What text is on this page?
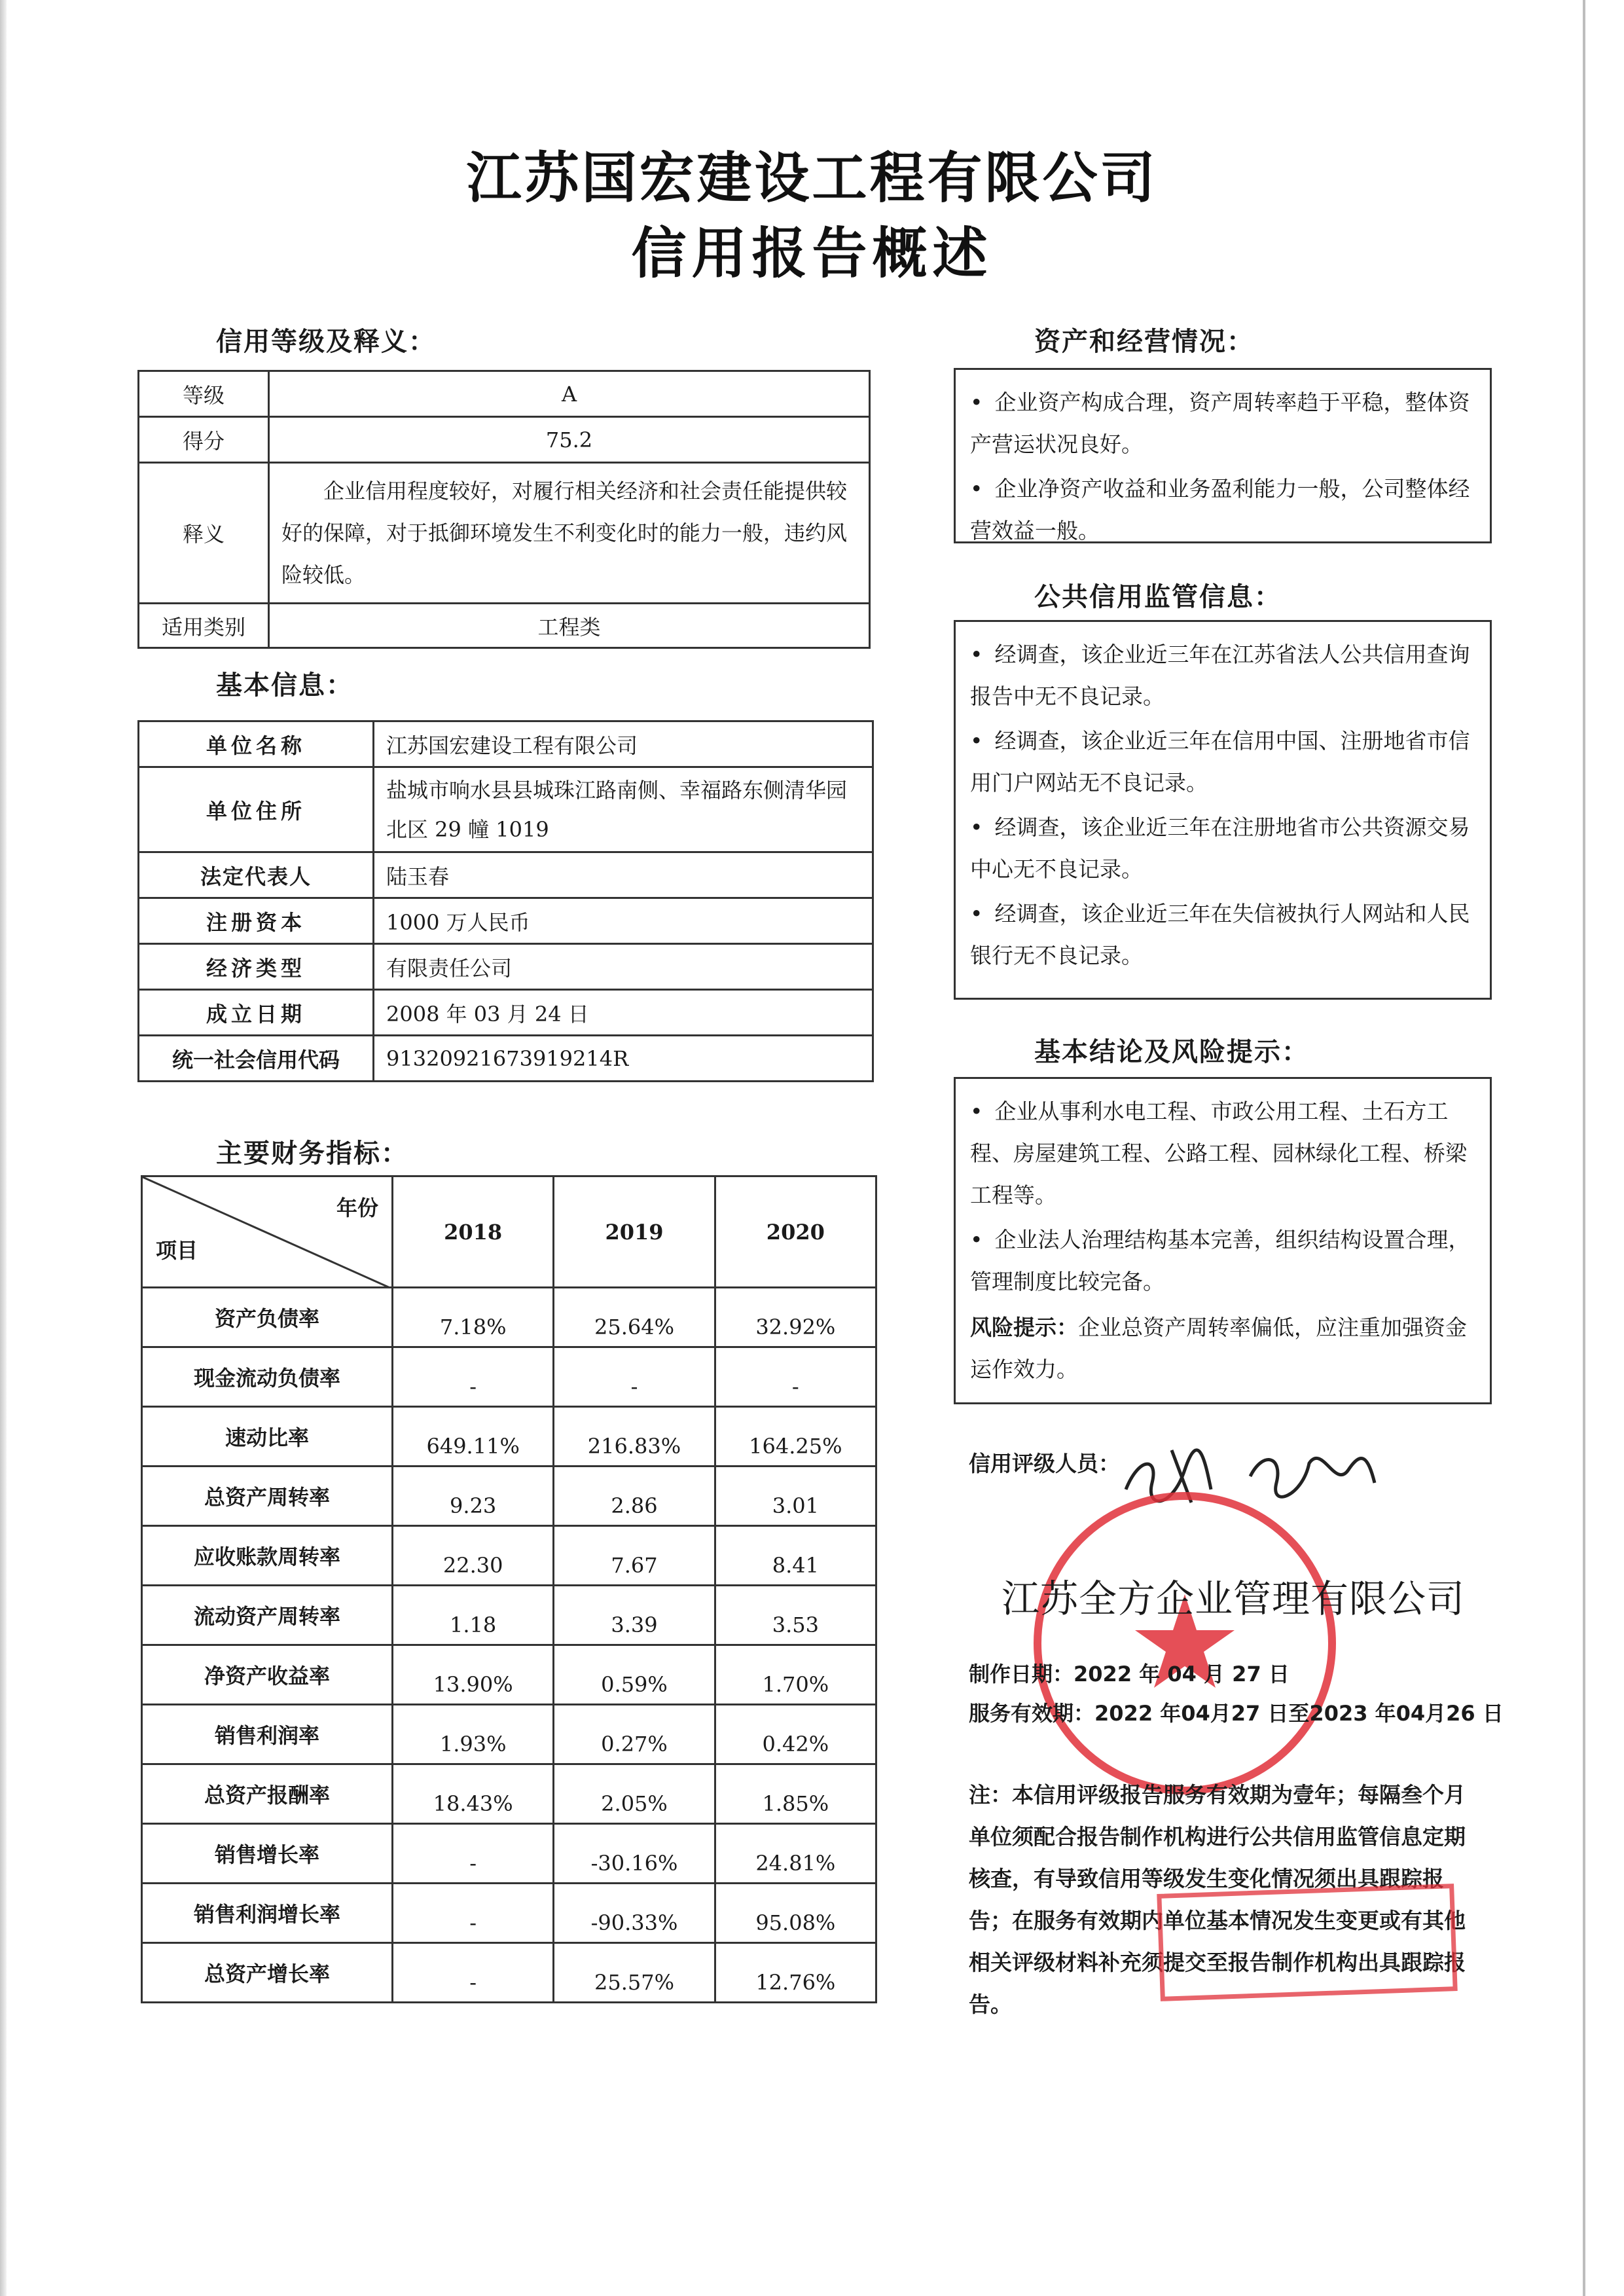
江苏国宏建设工程有限公司
信用报告概述
信用等级及释义：
等级	A
得分	75.2
释义	企业信用程度较好，对履行相关经济和社会责任能提供较好的保障，对于抵御环境发生不利变化时的能力一般，违约风险较低。
适用类别	工程类
基本信息：
单位名称	江苏国宏建设工程有限公司
单位住所	盐城市响水县县城珠江路南侧、幸福路东侧清华园北区 29 幢 1019
法定代表人	陆玉春
注册资本	1000 万人民币
经济类型	有限责任公司
成立日期	2008 年 03 月 24 日
统一社会信用代码	91320921673919214R
主要财务指标：
年份
项目	2018	2019	2020
资产负债率	7.18%	25.64%	32.92%
现金流动负债率	-	-	-
速动比率	649.11%	216.83%	164.25%
总资产周转率	9.23	2.86	3.01
应收账款周转率	22.30	7.67	8.41
流动资产周转率	1.18	3.39	3.53
净资产收益率	13.90%	0.59%	1.70%
销售利润率	1.93%	0.27%	0.42%
总资产报酬率	18.43%	2.05%	1.85%
销售增长率	-	-30.16%	24.81%
销售利润增长率	-	-90.33%	95.08%
总资产增长率	-	25.57%	12.76%
资产和经营情况：
• 企业资产构成合理，资产周转率趋于平稳，整体资产营运状况良好。
• 企业净资产收益和业务盈利能力一般，公司整体经营效益一般。
公共信用监管信息：
• 经调查，该企业近三年在江苏省法人公共信用查询报告中无不良记录。
• 经调查，该企业近三年在信用中国、注册地省市信用门户网站无不良记录。
• 经调查，该企业近三年在注册地省市公共资源交易中心无不良记录。
• 经调查，该企业近三年在失信被执行人网站和人民银行无不良记录。
基本结论及风险提示：
• 企业从事利水电工程、市政公用工程、土石方工程、房屋建筑工程、公路工程、园林绿化工程、桥梁工程等。
• 企业法人治理结构基本完善，组织结构设置合理，管理制度比较完备。
风险提示：企业总资产周转率偏低，应注重加强资金运作效力。
信用评级人员：
江苏全方企业管理有限公司
制作日期：2022 年 04 月 27 日
服务有效期：2022 年04月27 日至2023 年04月26 日
注：本信用评级报告服务有效期为壹年；每隔叁个月单位须配合报告制作机构进行公共信用监管信息定期核查，有导致信用等级发生变化情况须出具跟踪报告；在服务有效期内单位基本情况发生变更或有其他相关评级材料补充须提交至报告制作机构出具跟踪报告。
